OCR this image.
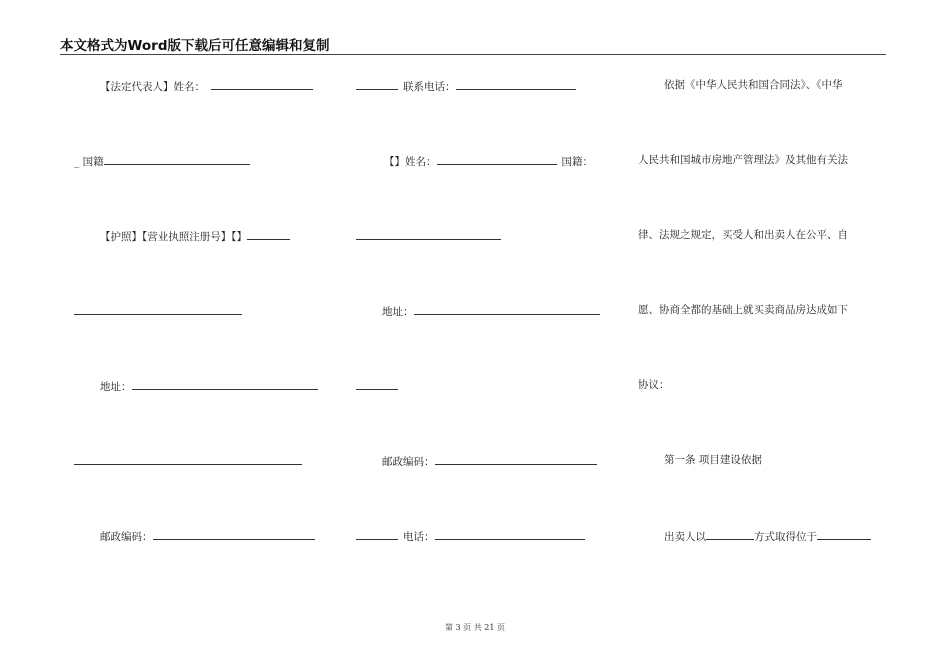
本文格式为Word版下载后可任意编辑和复制
【法定代表人】姓名：
_ 国籍
【护照】【营业执照注册号】【】
地址：
邮政编码：
联系电话：
【】姓名：	国籍：
地址：
邮政编码：
电话：
依据《中华人民共和国合同法》、《中华
人民共和国城市房地产管理法》及其他有关法
律、法规之规定，买受人和出卖人在公平、自
愿、协商全都的基础上就买卖商品房达成如下
协议：
第一条 项目建设依据
出卖人以	方式取得位于
第 3 页 共 21 页
